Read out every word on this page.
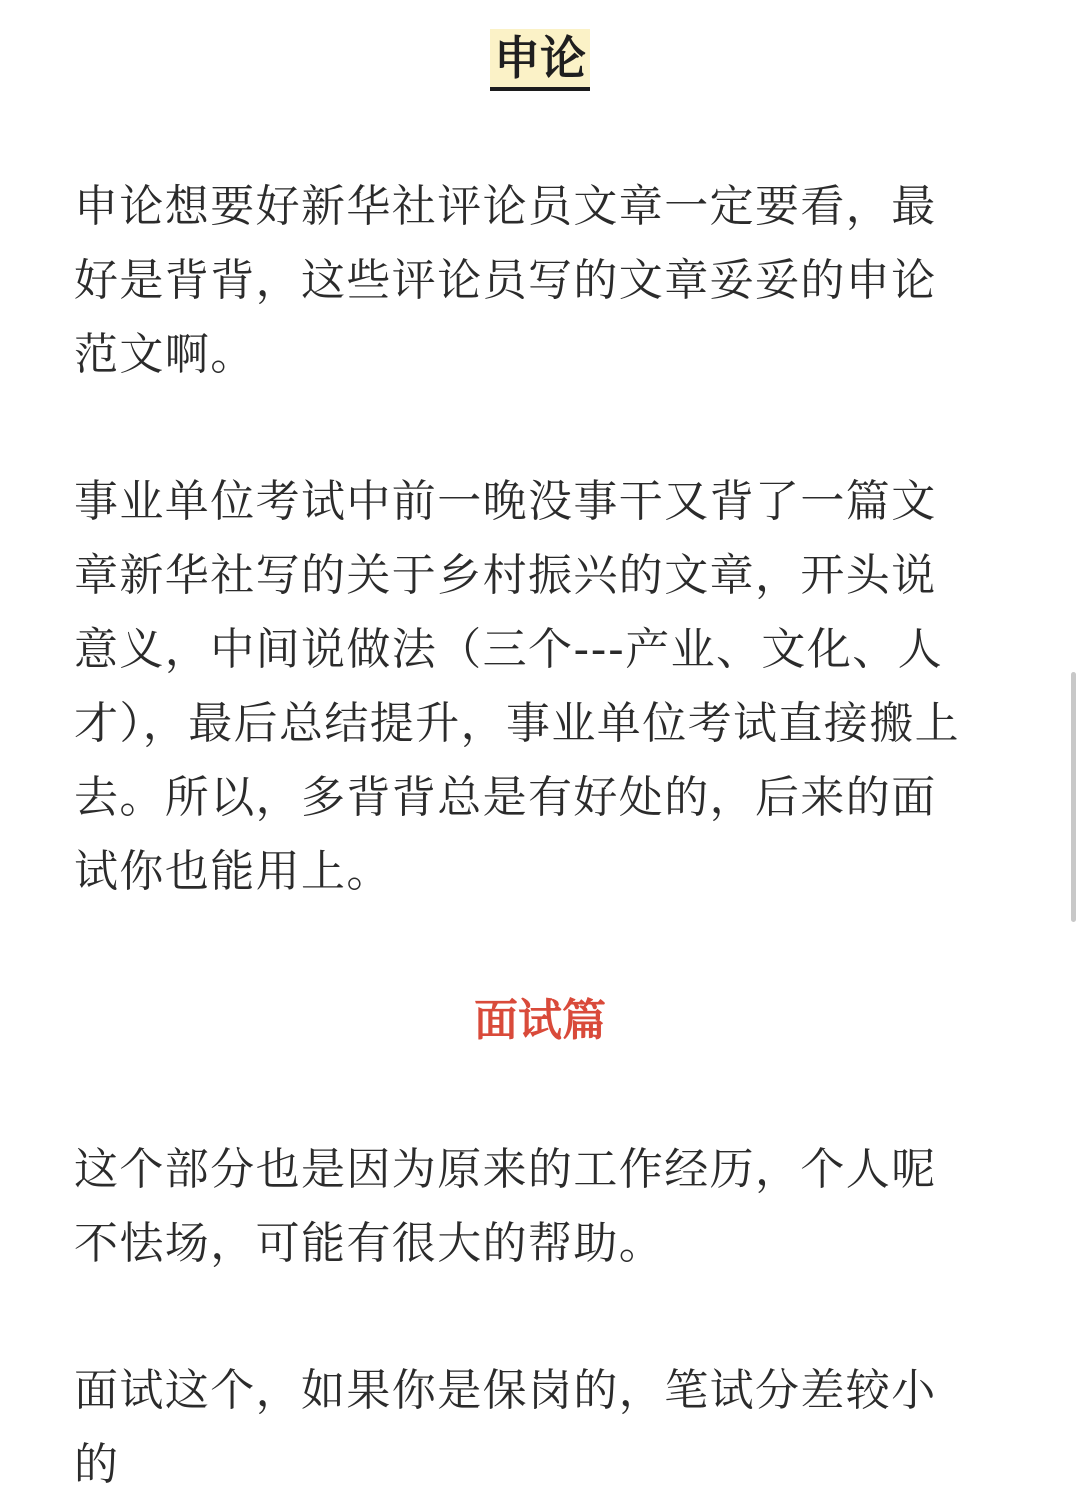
申论

申论想要好新华社评论员文章一定要看，最好是背背，这些评论员写的文章妥妥的申论范文啊。

事业单位考试中前一晚没事干又背了一篇文章新华社写的关于乡村振兴的文章，开头说意义，中间说做法（三个---产业、文化、人才），最后总结提升，事业单位考试直接搬上去。所以，多背背总是有好处的，后来的面试你也能用上。

面试篇

这个部分也是因为原来的工作经历，个人呢不怯场，可能有很大的帮助。

面试这个，如果你是保岗的，笔试分差较小的
